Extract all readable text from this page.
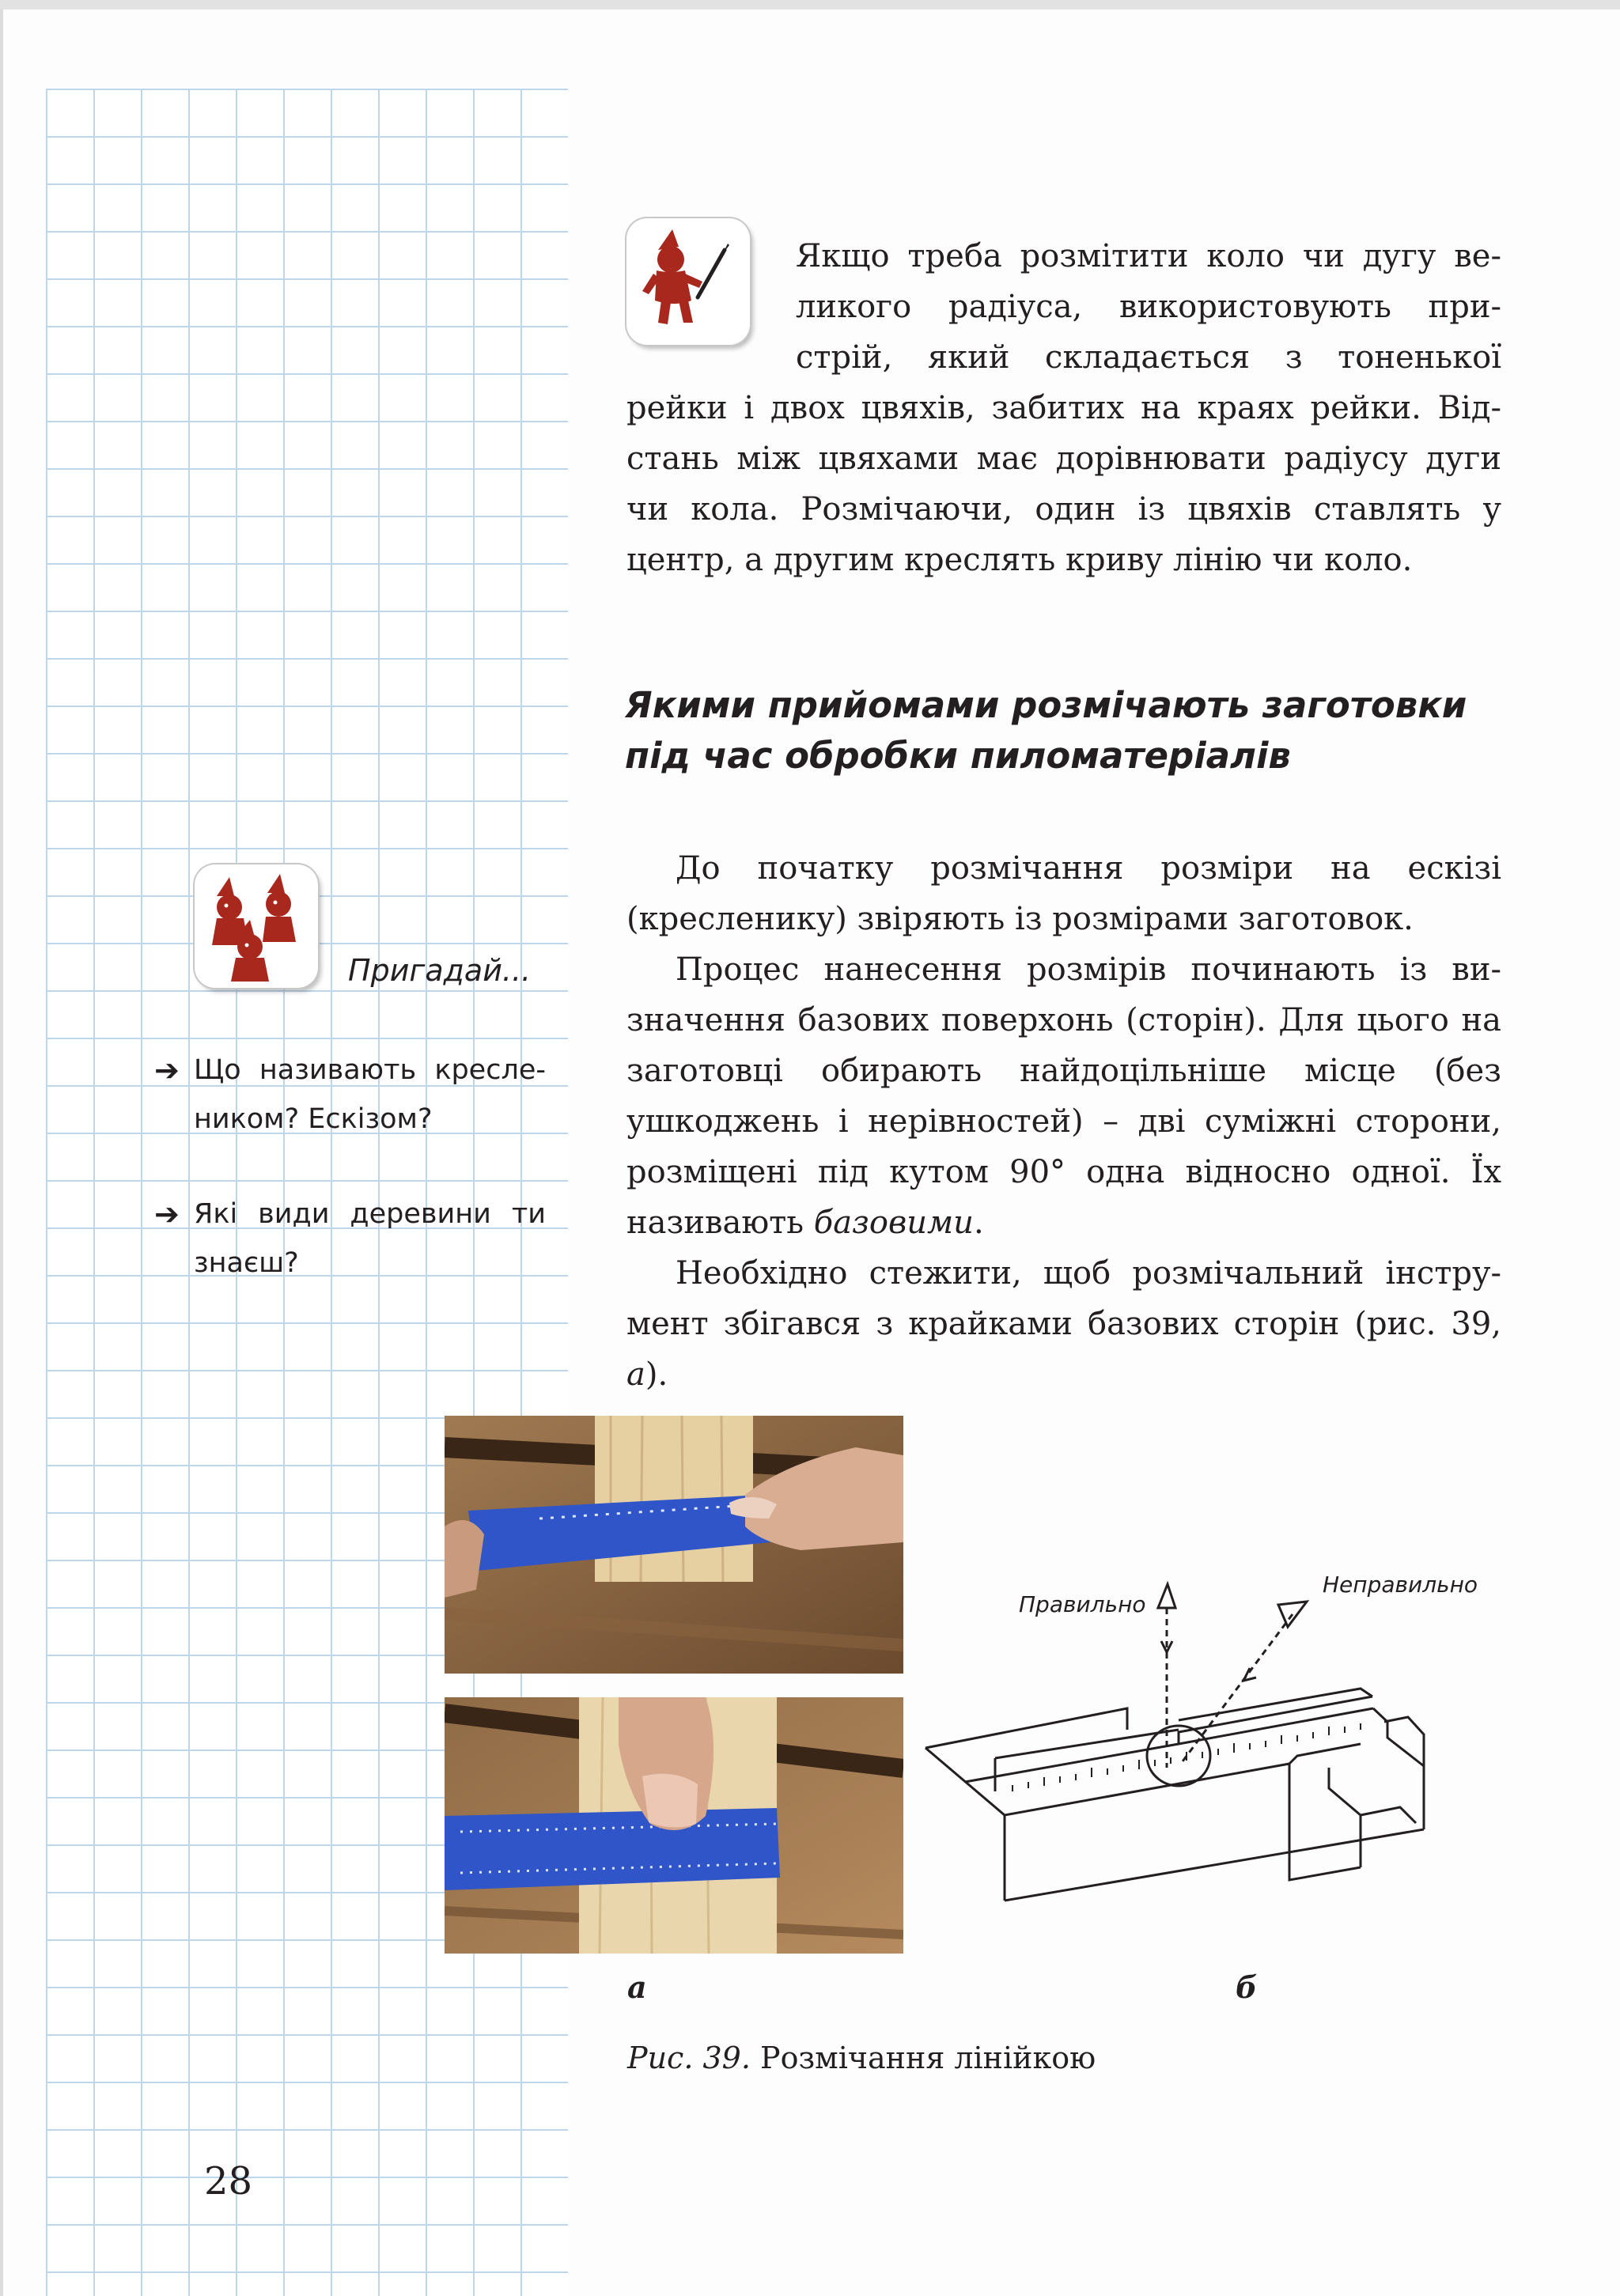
Якщо треба розмітити коло чи дугу ве-

ликого радіуса, використовують при-

стрій, який складається з тоненької

рейки і двох цвяхів, забитих на краях рейки. Відстань між цвяхами має дорівнювати радіусу дуги чи кола. Розмічаючи, один із цвяхів ставлять у центр, а другим креслять криву лінію чи коло.

Якими прийомами розмічають заготовки під час обробки пиломатеріалів

До початку розмічання розміри на ескізі (кресленику) звіряють із розмірами заготовок.

Процес нанесення розмірів починають із визначення базових поверхонь (сторін). Для цього на заготовці обирають найдоцільніше місце (без ушкоджень і нерівностей) – дві суміжні сторони, розміщені під кутом 90° одна відносно одної. Їх називають базовими.

Необхідно стежити, щоб розмічальний інструмент збігався з крайками базових сторін (рис. 39, а).

Пригадай...
➔ Що називають креслеником? Ескізом?
➔ Які види деревини ти знаєш?
Правильно
Неправильно
а	б
Рис. 39. Розмічання лінійкою
28
